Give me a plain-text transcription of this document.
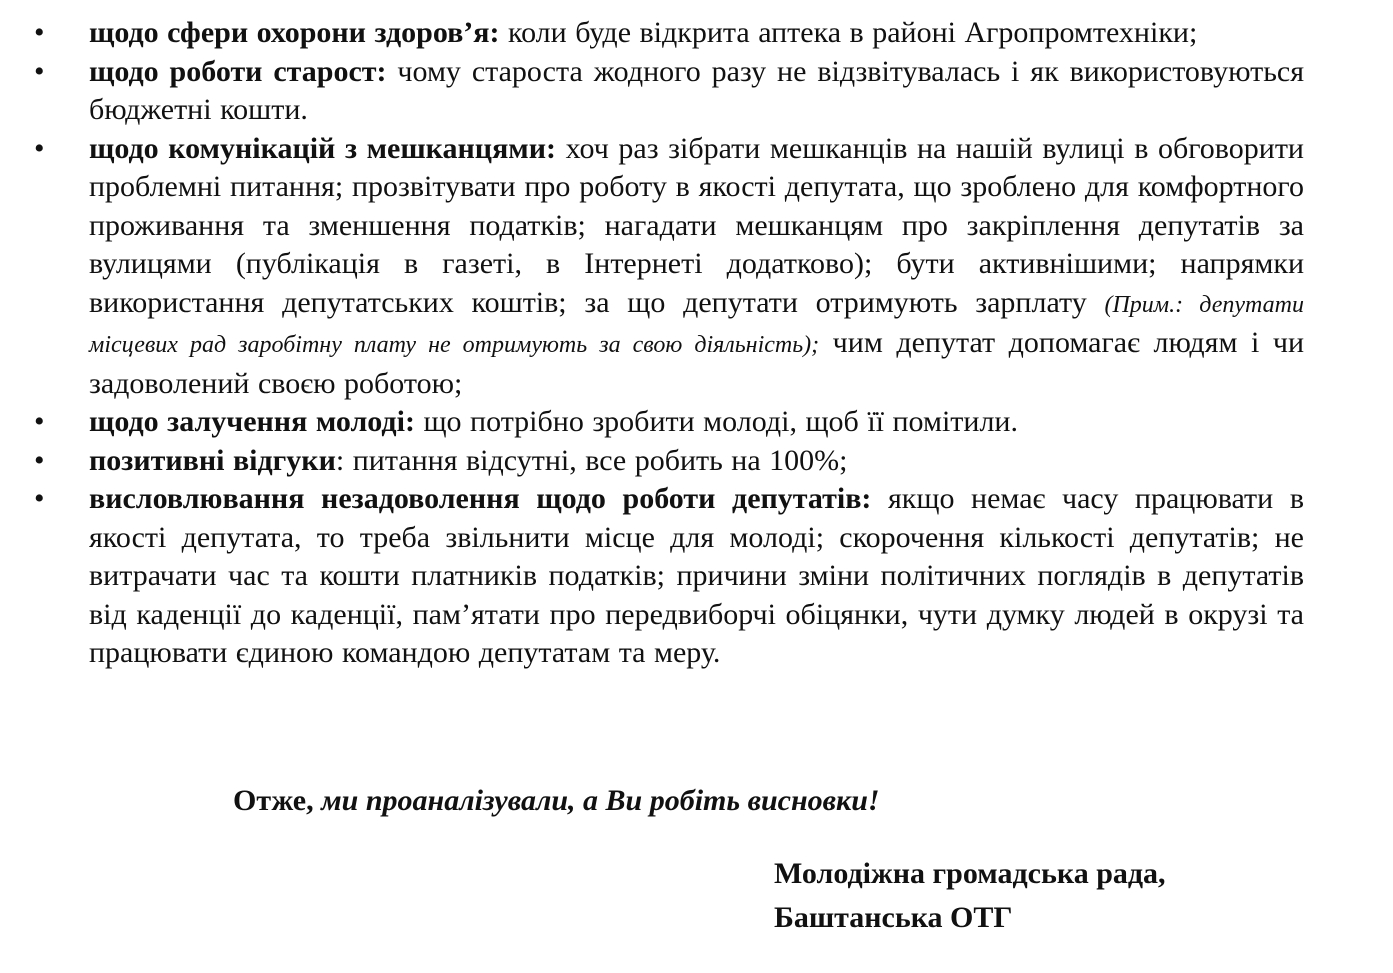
• щодо сфери охорони здоров’я: коли буде відкрита аптека в районі Агропромтехніки;
• щодо роботи старост: чому староста жодного разу не відзвітувалась і як використовуються бюджетні кошти.
• щодо комунікацій з мешканцями: хоч раз зібрати мешканців на нашій вулиці в обговорити проблемні питання; прозвітувати про роботу в якості депутата, що зроблено для комфортного проживання та зменшення податків; нагадати мешканцям про закріплення депутатів за вулицями (публікація в газеті, в Інтернеті додатково); бути активнішими; напрямки використання депутатських коштів; за що депутати отримують зарплату (Прим.: депутати місцевих рад заробітну плату не отримують за свою діяльність); чим депутат допомагає людям і чи задоволений своєю роботою;
• щодо залучення молоді: що потрібно зробити молоді, щоб її помітили.
• позитивні відгуки: питання відсутні, все робить на 100%;
• висловлювання незадоволення щодо роботи депутатів: якщо немає часу працювати в якості депутата, то треба звільнити місце для молоді; скорочення кількості депутатів; не витрачати час та кошти платників податків; причини зміни політичних поглядів в депутатів від каденції до каденції, пам’ятати про передвиборчі обіцянки, чути думку людей в окрузі та працювати єдиною командою депутатам та меру.
Отже, ми проаналізували, а Ви робіть висновки!
Молодіжна громадська рада,
Баштанська ОТГ
